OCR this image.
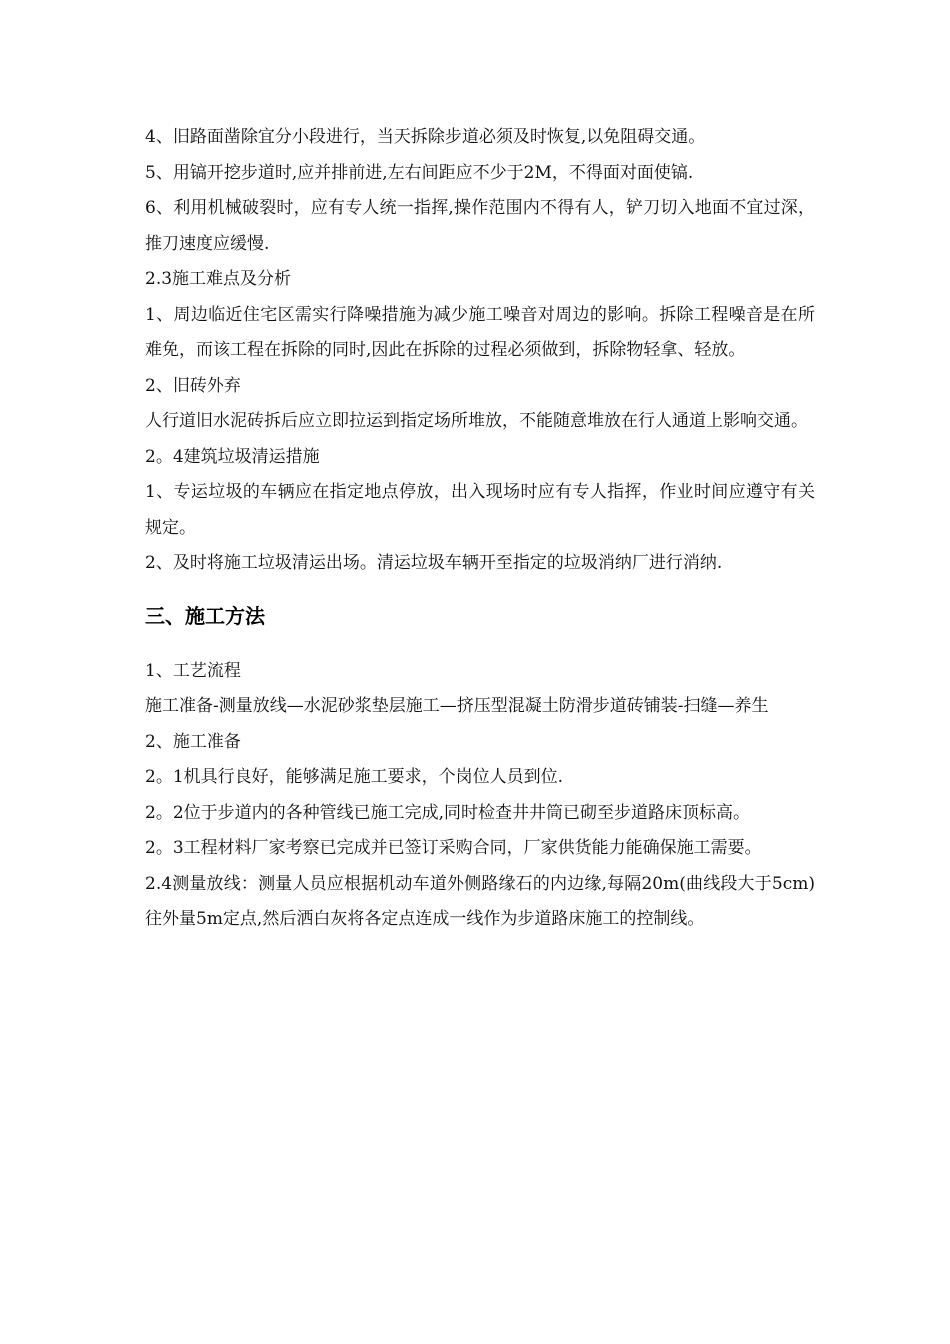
4、旧路面凿除宜分小段进行，当天拆除步道必须及时恢复,以免阻碍交通。

5、用镐开挖步道时,应并排前进,左右间距应不少于2M，不得面对面使镐.

6、利用机械破裂时，应有专人统一指挥,操作范围内不得有人，铲刀切入地面不宜过深，推刀速度应缓慢.

2.3施工难点及分析

1、周边临近住宅区需实行降噪措施为减少施工噪音对周边的影响。拆除工程噪音是在所难免，而该工程在拆除的同时,因此在拆除的过程必须做到，拆除物轻拿、轻放。

2、旧砖外弃

人行道旧水泥砖拆后应立即拉运到指定场所堆放，不能随意堆放在行人通道上影响交通。

2。4建筑垃圾清运措施

1、专运垃圾的车辆应在指定地点停放，出入现场时应有专人指挥，作业时间应遵守有关规定。

2、及时将施工垃圾清运出场。清运垃圾车辆开至指定的垃圾消纳厂进行消纳.

三、施工方法

1、工艺流程

施工准备-测量放线—水泥砂浆垫层施工—挤压型混凝土防滑步道砖铺装-扫缝—养生

2、施工准备

2。1机具行良好，能够满足施工要求，个岗位人员到位.

2。2位于步道内的各种管线已施工完成,同时检查井井筒已砌至步道路床顶标高。

2。3工程材料厂家考察已完成并已签订采购合同，厂家供货能力能确保施工需要。

2.4测量放线：测量人员应根据机动车道外侧路缘石的内边缘,每隔20m(曲线段大于5cm)往外量5m定点,然后洒白灰将各定点连成一线作为步道路床施工的控制线。
